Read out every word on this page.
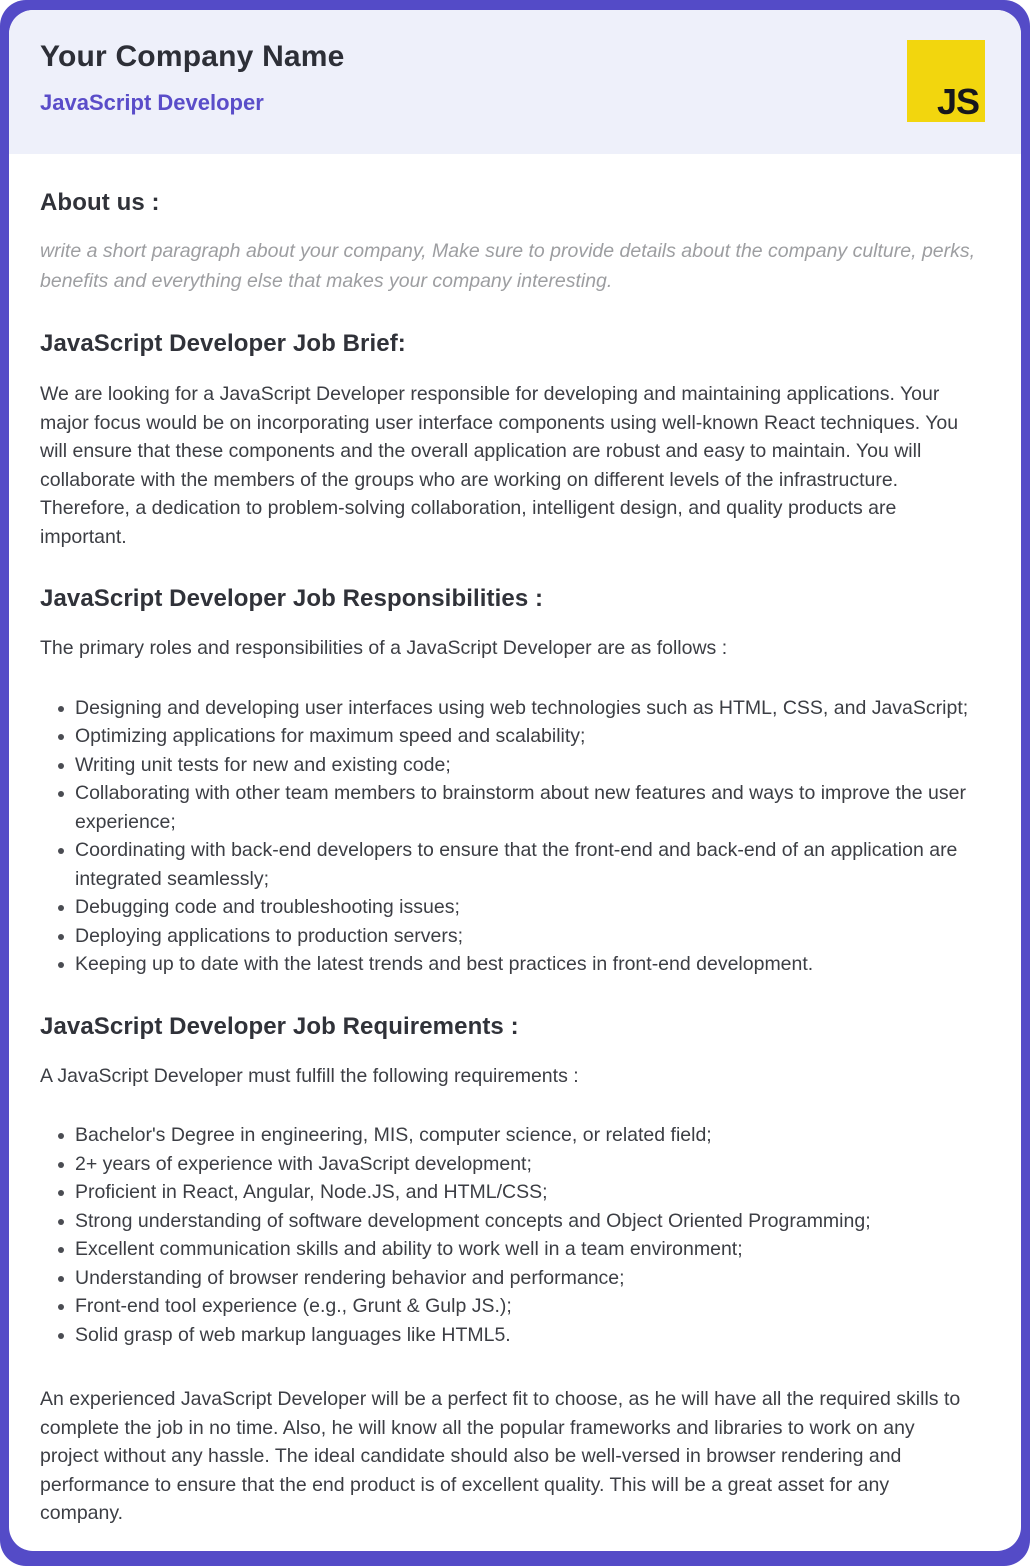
Your Company Name
JavaScript Developer	JS
About us :

write a short paragraph about your company, Make sure to provide details about the company culture, perks, benefits and everything else that makes your company interesting.

JavaScript Developer Job Brief:

We are looking for a JavaScript Developer responsible for developing and maintaining applications. Your major focus would be on incorporating user interface components using well-known React techniques. You will ensure that these components and the overall application are robust and easy to maintain. You will collaborate with the members of the groups who are working on different levels of the infrastructure. Therefore, a dedication to problem-solving collaboration, intelligent design, and quality products are important.

JavaScript Developer Job Responsibilities :

The primary roles and responsibilities of a JavaScript Developer are as follows :

Designing and developing user interfaces using web technologies such as HTML, CSS, and JavaScript;
Optimizing applications for maximum speed and scalability;
Writing unit tests for new and existing code;
Collaborating with other team members to brainstorm about new features and ways to improve the user experience;
Coordinating with back-end developers to ensure that the front-end and back-end of an application are integrated seamlessly;
Debugging code and troubleshooting issues;
Deploying applications to production servers;
Keeping up to date with the latest trends and best practices in front-end development.
JavaScript Developer Job Requirements :

A JavaScript Developer must fulfill the following requirements :

Bachelor's Degree in engineering, MIS, computer science, or related field;
2+ years of experience with JavaScript development;
Proficient in React, Angular, Node.JS, and HTML/CSS;
Strong understanding of software development concepts and Object Oriented Programming;
Excellent communication skills and ability to work well in a team environment;
Understanding of browser rendering behavior and performance;
Front-end tool experience (e.g., Grunt & Gulp JS.);
Solid grasp of web markup languages like HTML5.

An experienced JavaScript Developer will be a perfect fit to choose, as he will have all the required skills to complete the job in no time. Also, he will know all the popular frameworks and libraries to work on any project without any hassle. The ideal candidate should also be well-versed in browser rendering and performance to ensure that the end product is of excellent quality. This will be a great asset for any company.
